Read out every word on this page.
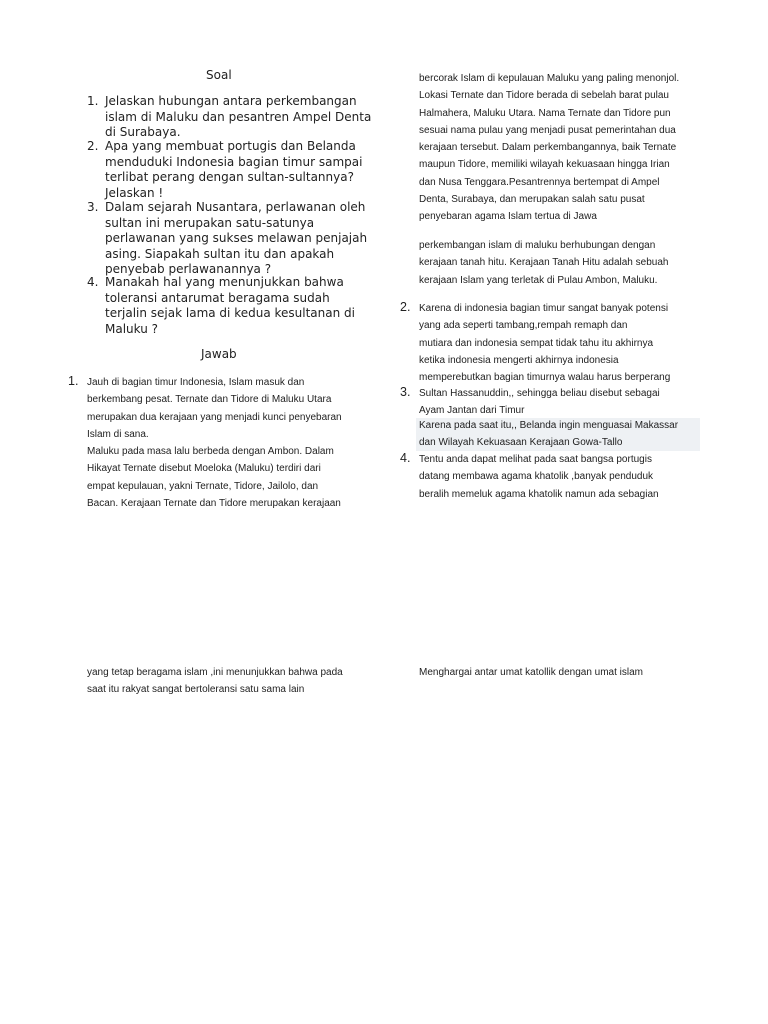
Soal
1. Jelaskan hubungan antara perkembangan
islam di Maluku dan pesantren Ampel Denta
di Surabaya.
2. Apa yang membuat portugis dan Belanda
menduduki Indonesia bagian timur sampai
terlibat perang dengan sultan-sultannya?
Jelaskan !
3. Dalam sejarah Nusantara, perlawanan oleh
sultan ini merupakan satu-satunya
perlawanan yang sukses melawan penjajah
asing. Siapakah sultan itu dan apakah
penyebab perlawanannya ?
4. Manakah hal yang menunjukkan bahwa
toleransi antarumat beragama sudah
terjalin sejak lama di kedua kesultanan di
Maluku ?
Jawab
1. Jauh di bagian timur Indonesia, Islam masuk dan
berkembang pesat. Ternate dan Tidore di Maluku Utara
merupakan dua kerajaan yang menjadi kunci penyebaran
Islam di sana.
Maluku pada masa lalu berbeda dengan Ambon. Dalam
Hikayat Ternate disebut Moeloka (Maluku) terdiri dari
empat kepulauan, yakni Ternate, Tidore, Jailolo, dan
Bacan. Kerajaan Ternate dan Tidore merupakan kerajaan
yang tetap beragama islam ,ini menunjukkan bahwa pada
saat itu rakyat sangat bertoleransi satu sama lain
bercorak Islam di kepulauan Maluku yang paling menonjol.
Lokasi Ternate dan Tidore berada di sebelah barat pulau
Halmahera, Maluku Utara. Nama Ternate dan Tidore pun
sesuai nama pulau yang menjadi pusat pemerintahan dua
kerajaan tersebut. Dalam perkembangannya, baik Ternate
maupun Tidore, memiliki wilayah kekuasaan hingga Irian
dan Nusa Tenggara.Pesantrennya bertempat di Ampel
Denta, Surabaya, dan merupakan salah satu pusat
penyebaran agama Islam tertua di Jawa
perkembangan islam di maluku berhubungan dengan
kerajaan tanah hitu. Kerajaan Tanah Hitu adalah sebuah
kerajaan Islam yang terletak di Pulau Ambon, Maluku.
2. Karena di indonesia bagian timur sangat banyak potensi
yang ada seperti tambang,rempah remaph dan
mutiara dan indonesia sempat tidak tahu itu akhirnya
ketika indonesia mengerti akhirnya indonesia
memperebutkan bagian timurnya walau harus berperang
3. Sultan Hassanuddin,, sehingga beliau disebut sebagai
Ayam Jantan dari Timur
Karena pada saat itu,, Belanda ingin menguasai Makassar
dan Wilayah Kekuasaan Kerajaan Gowa-Tallo
4. Tentu anda dapat melihat pada saat bangsa portugis
datang membawa agama khatolik ,banyak penduduk
beralih memeluk agama khatolik namun ada sebagian
Menghargai antar umat katollik dengan umat islam
